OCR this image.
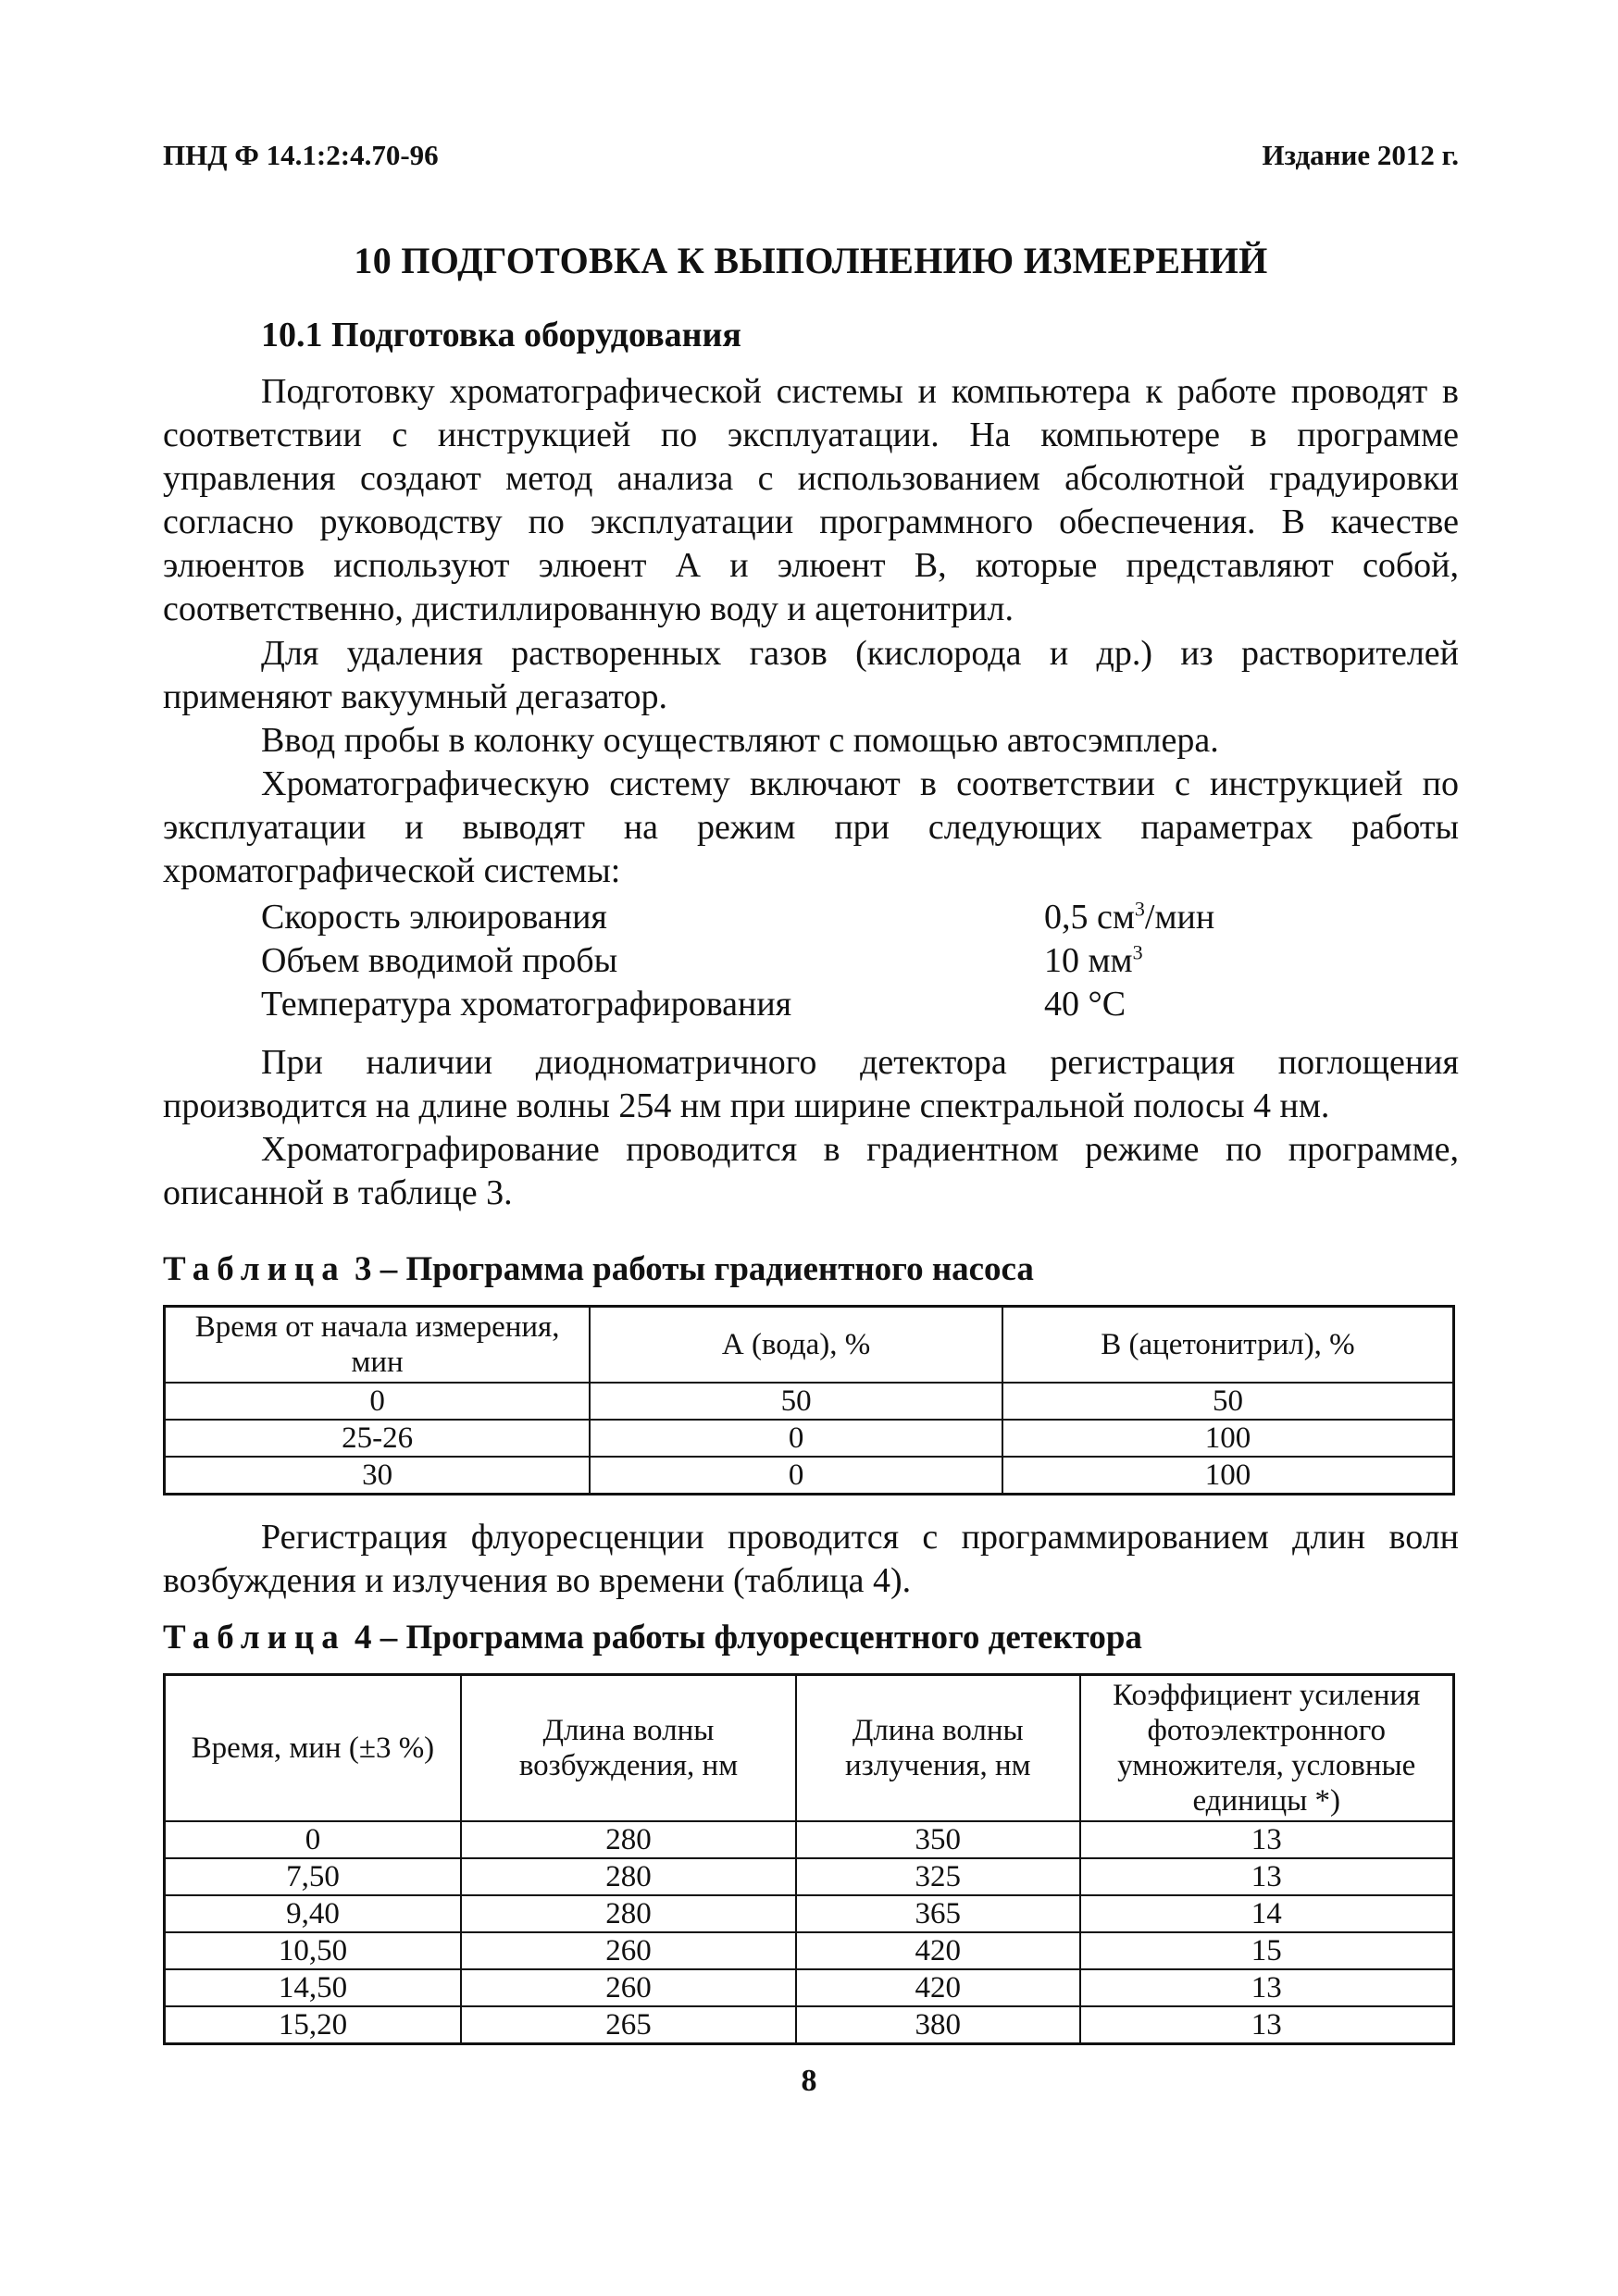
ПНД Ф 14.1:2:4.70-96	Издание 2012 г.
10 ПОДГОТОВКА К ВЫПОЛНЕНИЮ ИЗМЕРЕНИЙ
10.1 Подготовка оборудования
Подготовку хроматографической системы и компьютера к работе проводят в соответствии с инструкцией по эксплуатации. На компьютере в программе управления создают метод анализа с использованием абсолютной градуировки согласно руководству по эксплуатации программного обеспечения. В качестве элюентов используют элюент А и элюент В, которые представляют собой, соответственно, дистиллированную воду и ацетонитрил.
Для удаления растворенных газов (кислорода и др.) из растворителей применяют вакуумный дегазатор.
Ввод пробы в колонку осуществляют с помощью автосэмплера.
Хроматографическую систему включают в соответствии с инструкцией по эксплуатации и выводят на режим при следующих параметрах работы хроматографической системы:
Скорость элюирования	0,5 $см^3$/мин
Объем вводимой пробы	10 $мм^3$
Температура хроматографирования	40 °С
При наличии диодноматричного детектора регистрация поглощения производится на длине волны 254 нм при ширине спектральной полосы 4 нм.
Хроматографирование проводится в градиентном режиме по программе, описанной в таблице 3.
Таблица 3 – Программа работы градиентного насоса
Время от начала измерения, мин	А (вода), %	В (ацетонитрил), %
0	50	50
25-26	0	100
30	0	100
Регистрация флуоресценции проводится с программированием длин волн возбуждения и излучения во времени (таблица 4).
Таблица 4 – Программа работы флуоресцентного детектора
Время, мин (±3 %)	Длина волны возбуждения, нм	Длина волны излучения, нм	Коэффициент усиления фотоэлектронного умножителя, условные единицы *)
0	280	350	13
7,50	280	325	13
9,40	280	365	14
10,50	260	420	15
14,50	260	420	13
15,20	265	380	13
8
